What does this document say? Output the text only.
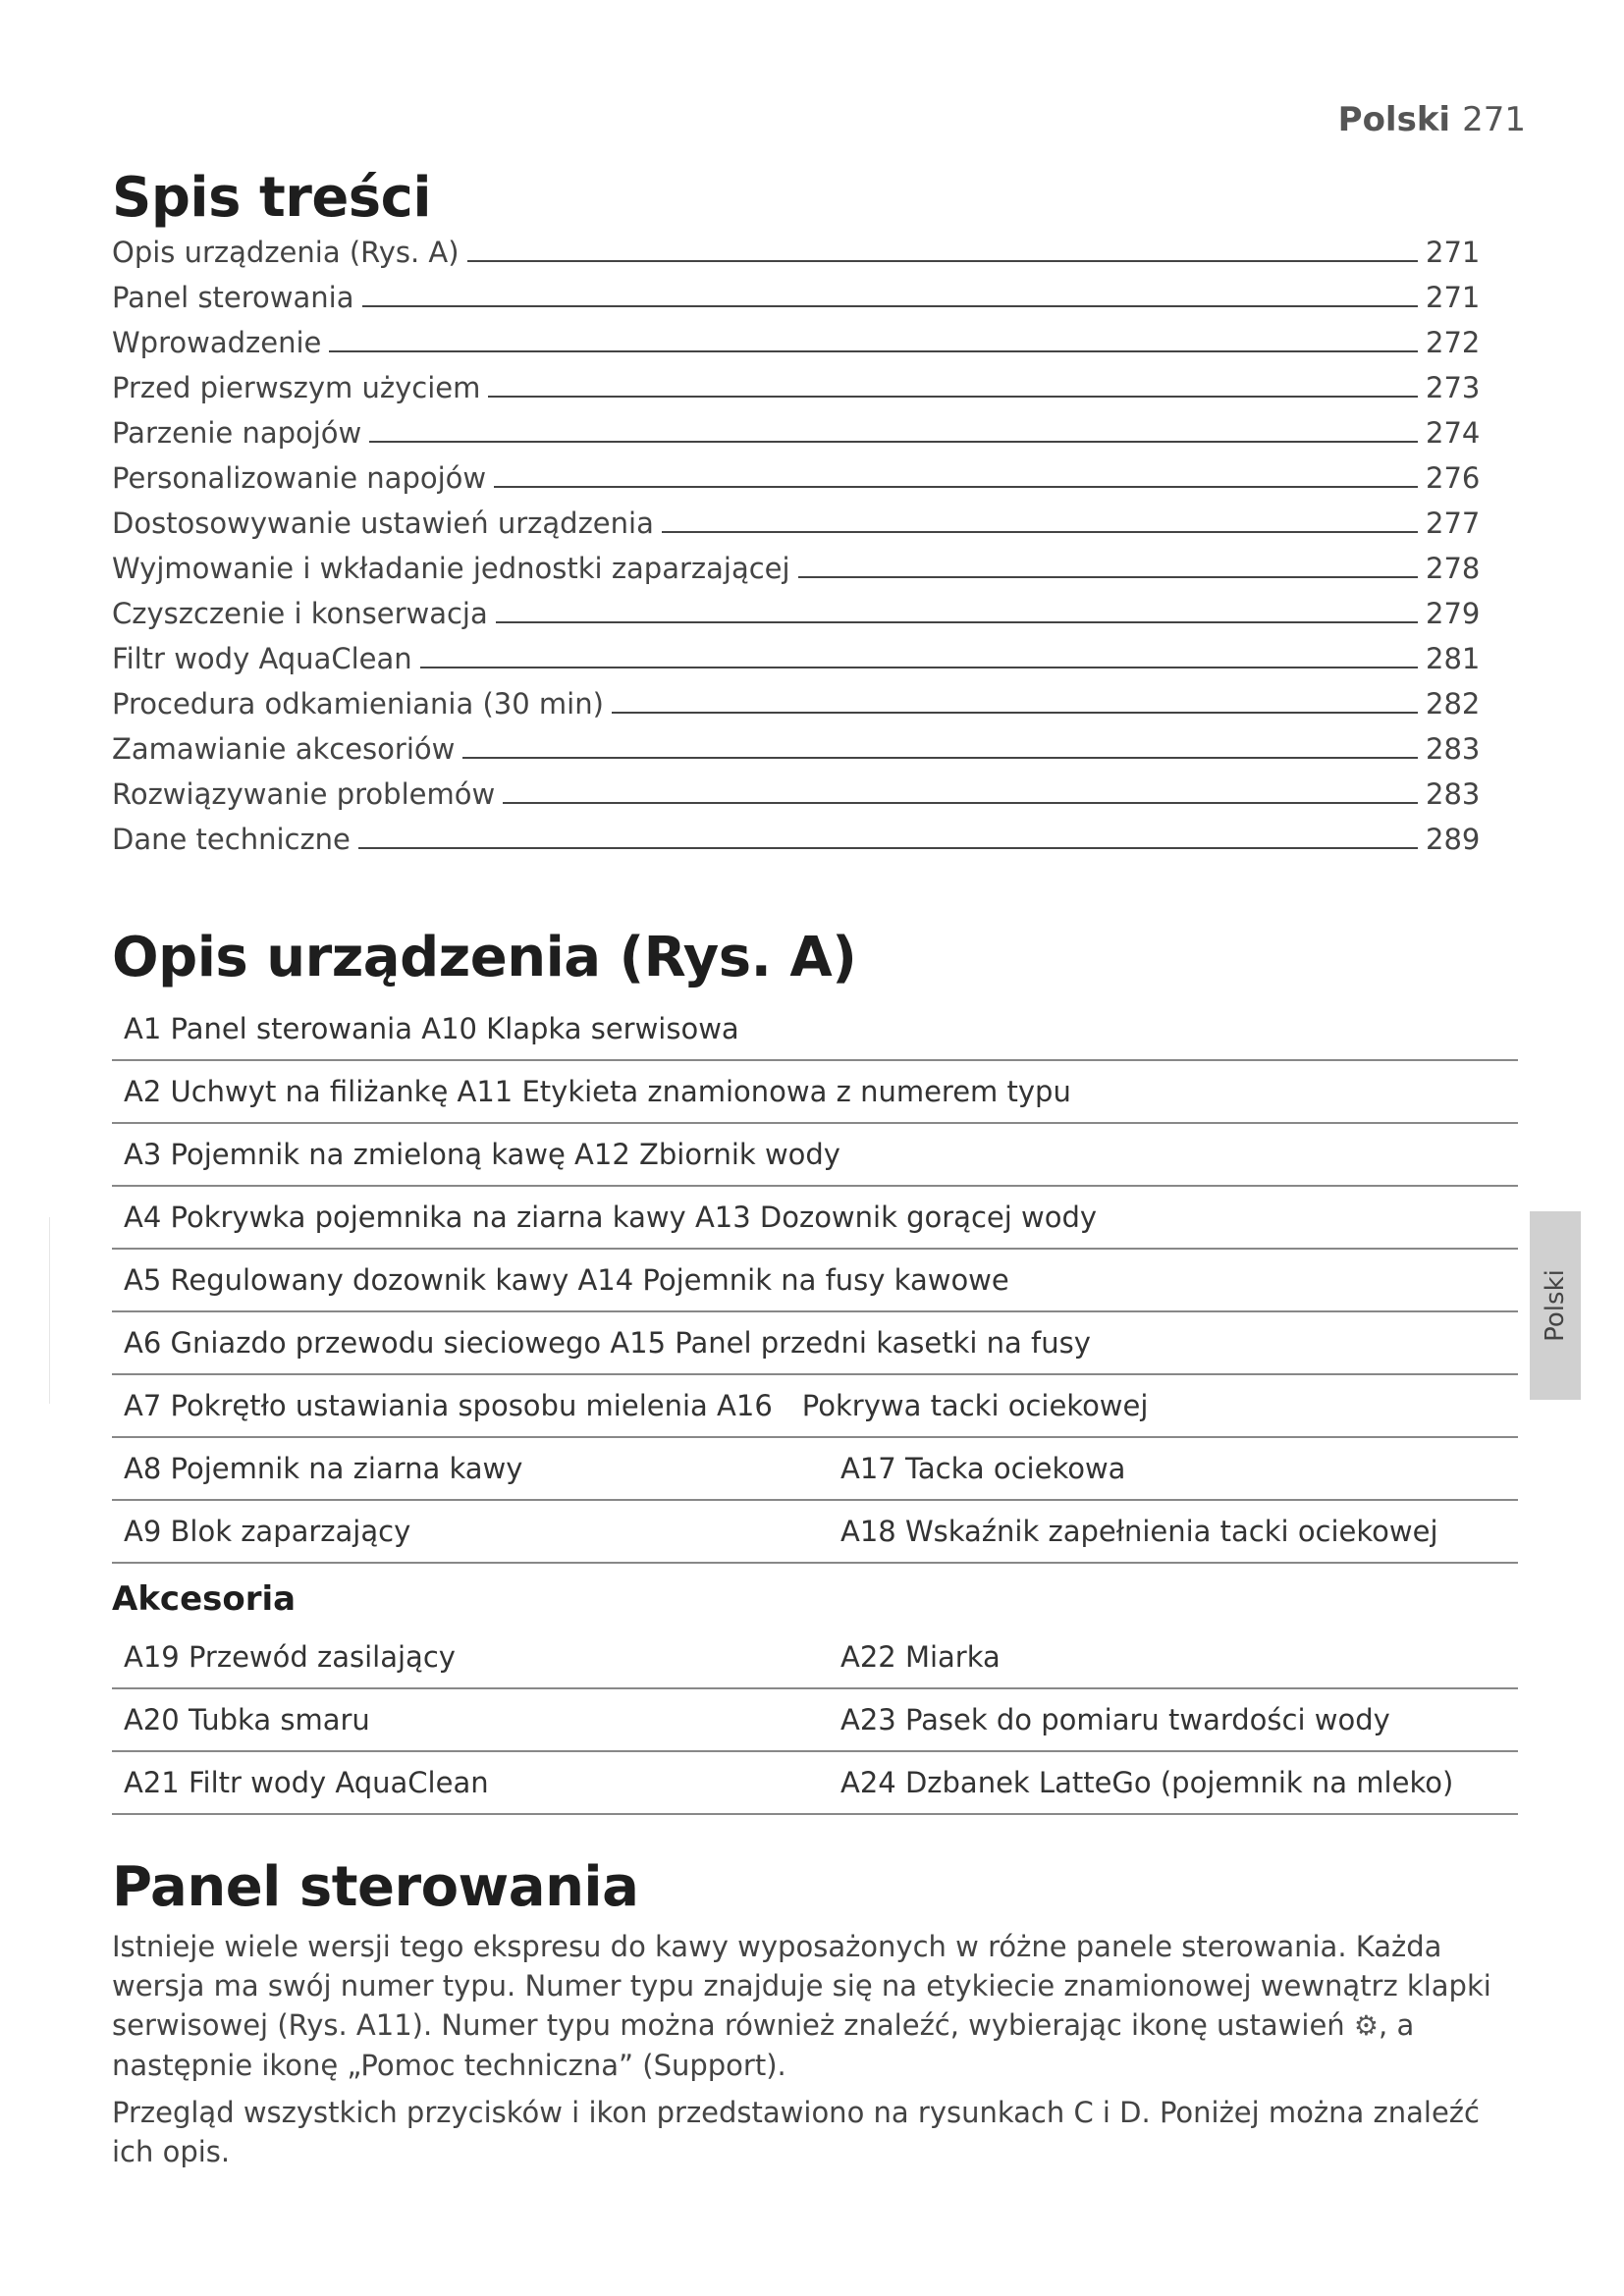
Polski 271
Polski
Spis treści
Opis urządzenia (Rys. A)	271
Panel sterowania	271
Wprowadzenie	272
Przed pierwszym użyciem	273
Parzenie napojów	274
Personalizowanie napojów	276
Dostosowywanie ustawień urządzenia	277
Wyjmowanie i wkładanie jednostki zaparzającej	278
Czyszczenie i konserwacja	279
Filtr wody AquaClean	281
Procedura odkamieniania (30 min)	282
Zamawianie akcesoriów	283
Rozwiązywanie problemów	283
Dane techniczne	289
Opis urządzenia (Rys. A)
A1 Panel sterowania A10 Klapka serwisowa
A2 Uchwyt na filiżankę A11 Etykieta znamionowa z numerem typu
A3 Pojemnik na zmieloną kawę A12 Zbiornik wody
A4 Pokrywka pojemnika na ziarna kawy A13 Dozownik gorącej wody
A5 Regulowany dozownik kawy A14 Pojemnik na fusy kawowe
A6 Gniazdo przewodu sieciowego A15 Panel przedni kasetki na fusy
A7 Pokrętło ustawiania sposobu mielenia A16 Pokrywa tacki ociekowej
A8 Pojemnik na ziarna kawy	A17 Tacka ociekowa
A9 Blok zaparzający	A18 Wskaźnik zapełnienia tacki ociekowej
Akcesoria
A19 Przewód zasilający	A22 Miarka
A20 Tubka smaru	A23 Pasek do pomiaru twardości wody
A21 Filtr wody AquaClean	A24 Dzbanek LatteGo (pojemnik na mleko)
Panel sterowania

Istnieje wiele wersji tego ekspresu do kawy wyposażonych w różne panele sterowania. Każda wersja ma swój numer typu. Numer typu znajduje się na etykiecie znamionowej wewnątrz klapki serwisowej (Rys. A11). Numer typu można również znaleźć, wybierając ikonę ustawień ⚙, a następnie ikonę „Pomoc techniczna” (Support).

Przegląd wszystkich przycisków i ikon przedstawiono na rysunkach C i D. Poniżej można znaleźć ich opis.
